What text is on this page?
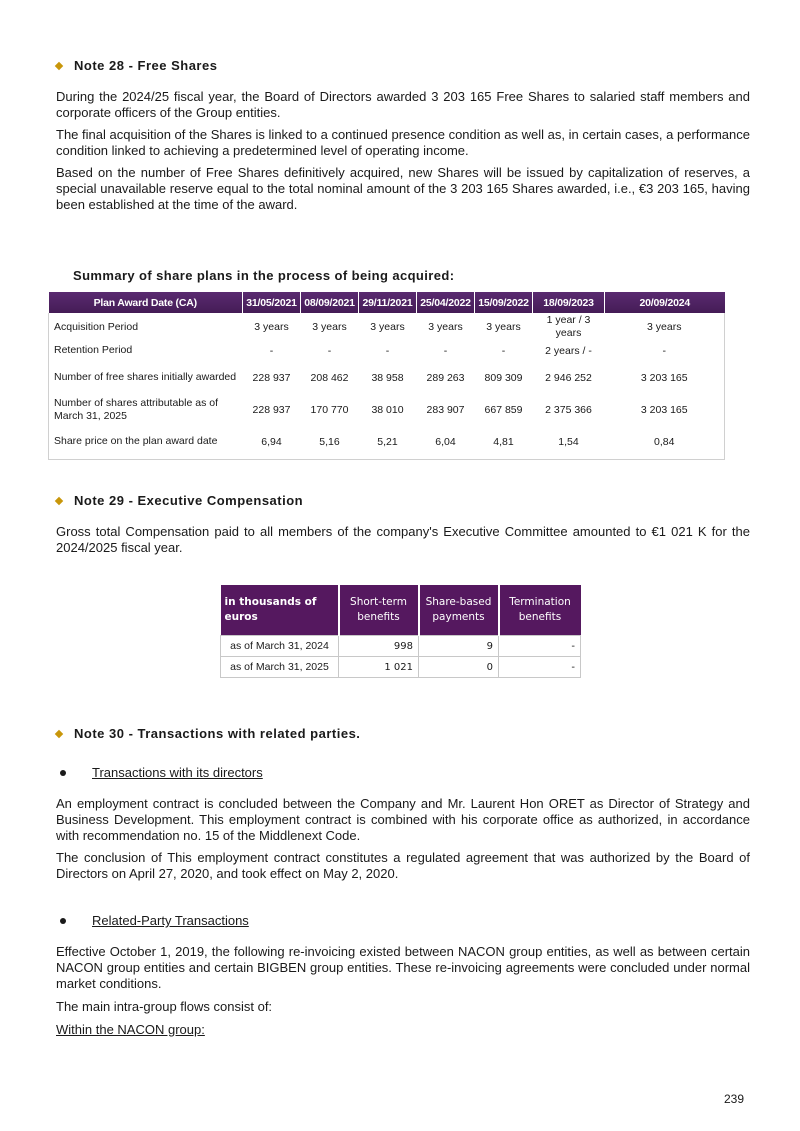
Note 28 - Free Shares

During the 2024/25 fiscal year, the Board of Directors awarded 3 203 165 Free Shares to salaried staff members and corporate officers of the Group entities.

The final acquisition of the Shares is linked to a continued presence condition as well as, in certain cases, a performance condition linked to achieving a predetermined level of operating income.

Based on the number of Free Shares definitively acquired, new Shares will be issued by capitalization of reserves, a special unavailable reserve equal to the total nominal amount of the 3 203 165 Shares awarded, i.e., €3 203 165, having been established at the time of the award.

Summary of share plans in the process of being acquired:
Plan Award Date (CA)	31/05/2021	08/09/2021	29/11/2021	25/04/2022	15/09/2022	18/09/2023	20/09/2024
Acquisition Period	3 years	3 years	3 years	3 years	3 years	1 year / 3 years	3 years
Retention Period	-	-	-	-	-	2 years / -	-
Number of free shares initially awarded	228 937	208 462	38 958	289 263	809 309	2 946 252	3 203 165
Number of shares attributable as of March 31, 2025	228 937	170 770	38 010	283 907	667 859	2 375 366	3 203 165
Share price on the plan award date	6,94	5,16	5,21	6,04	4,81	1,54	0,84
Note 29 - Executive Compensation

Gross total Compensation paid to all members of the company's Executive Committee amounted to €1 021 K for the 2024/2025 fiscal year.

in thousands of euros	Short-term benefits	Share-based payments	Termination benefits
as of March 31, 2024	998	9	-
as of March 31, 2025	1 021	0	-
Note 30 - Transactions with related parties.
Transactions with its directors

An employment contract is concluded between the Company and Mr. Laurent Hon ORET as Director of Strategy and Business Development. This employment contract is combined with his corporate office as authorized, in accordance with recommendation no. 15 of the Middlenext Code.

The conclusion of This employment contract constitutes a regulated agreement that was authorized by the Board of Directors on April 27, 2020, and took effect on May 2, 2020.

Related-Party Transactions

Effective October 1, 2019, the following re-invoicing existed between NACON group entities, as well as between certain NACON group entities and certain BIGBEN group entities. These re-invoicing agreements were concluded under normal market conditions.

The main intra-group flows consist of:

Within the NACON group:
239
